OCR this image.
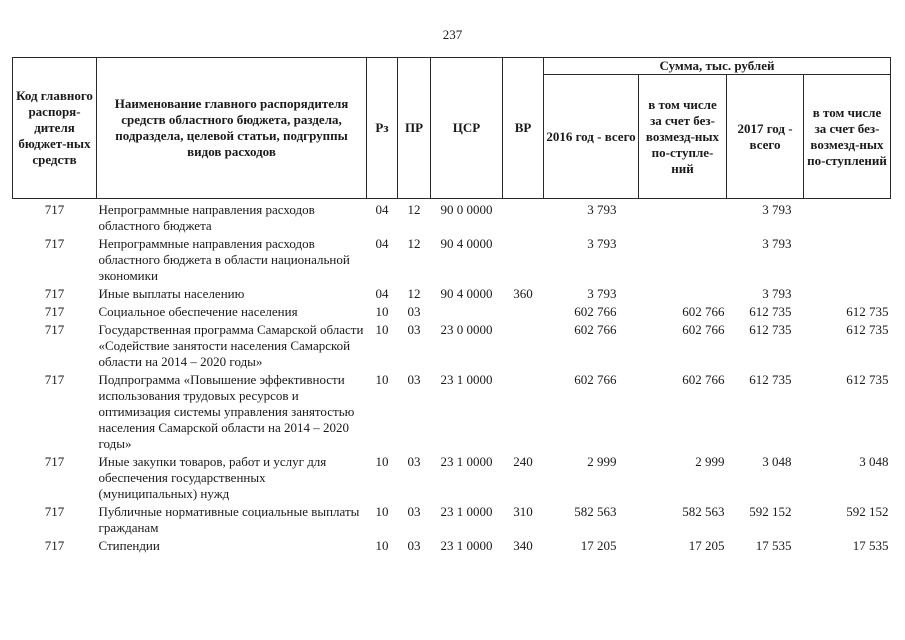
237
Код главного распоря-дителя бюджет-ных средств	Наименование главного распорядителя средств областного бюджета, раздела, подраздела, целевой статьи, подгруппы видов расходов	Рз	ПР	ЦСР	ВР	Сумма, тыс. рублей			
						2016 год - всего	в том числе за счет без-возмезд-ных по-ступле-ний	2017 год - всего	в том числе за счет без-возмезд-ных по-ступлений
717	Непрограммные направления расходов областного бюджета	04	12	90 0 0000		3 793		3 793	
717	Непрограммные направления расходов областного бюджета в области национальной экономики	04	12	90 4 0000		3 793		3 793	
717	Иные выплаты населению	04	12	90 4 0000	360	3 793		3 793	
717	Социальное обеспечение населения	10	03			602 766	602 766	612 735	612 735
717	Государственная программа Самарской области «Содействие занятости населения Самарской области на 2014 – 2020 годы»	10	03	23 0 0000		602 766	602 766	612 735	612 735
717	Подпрограмма «Повышение эффективности использования трудовых ресурсов и оптимизация системы управления занятостью населения Самарской области на 2014 – 2020 годы»	10	03	23 1 0000		602 766	602 766	612 735	612 735
717	Иные закупки товаров, работ и услуг для обеспечения государственных (муниципальных) нужд	10	03	23 1 0000	240	2 999	2 999	3 048	3 048
717	Публичные нормативные социальные выплаты гражданам	10	03	23 1 0000	310	582 563	582 563	592 152	592 152
717	Стипендии	10	03	23 1 0000	340	17 205	17 205	17 535	17 535
